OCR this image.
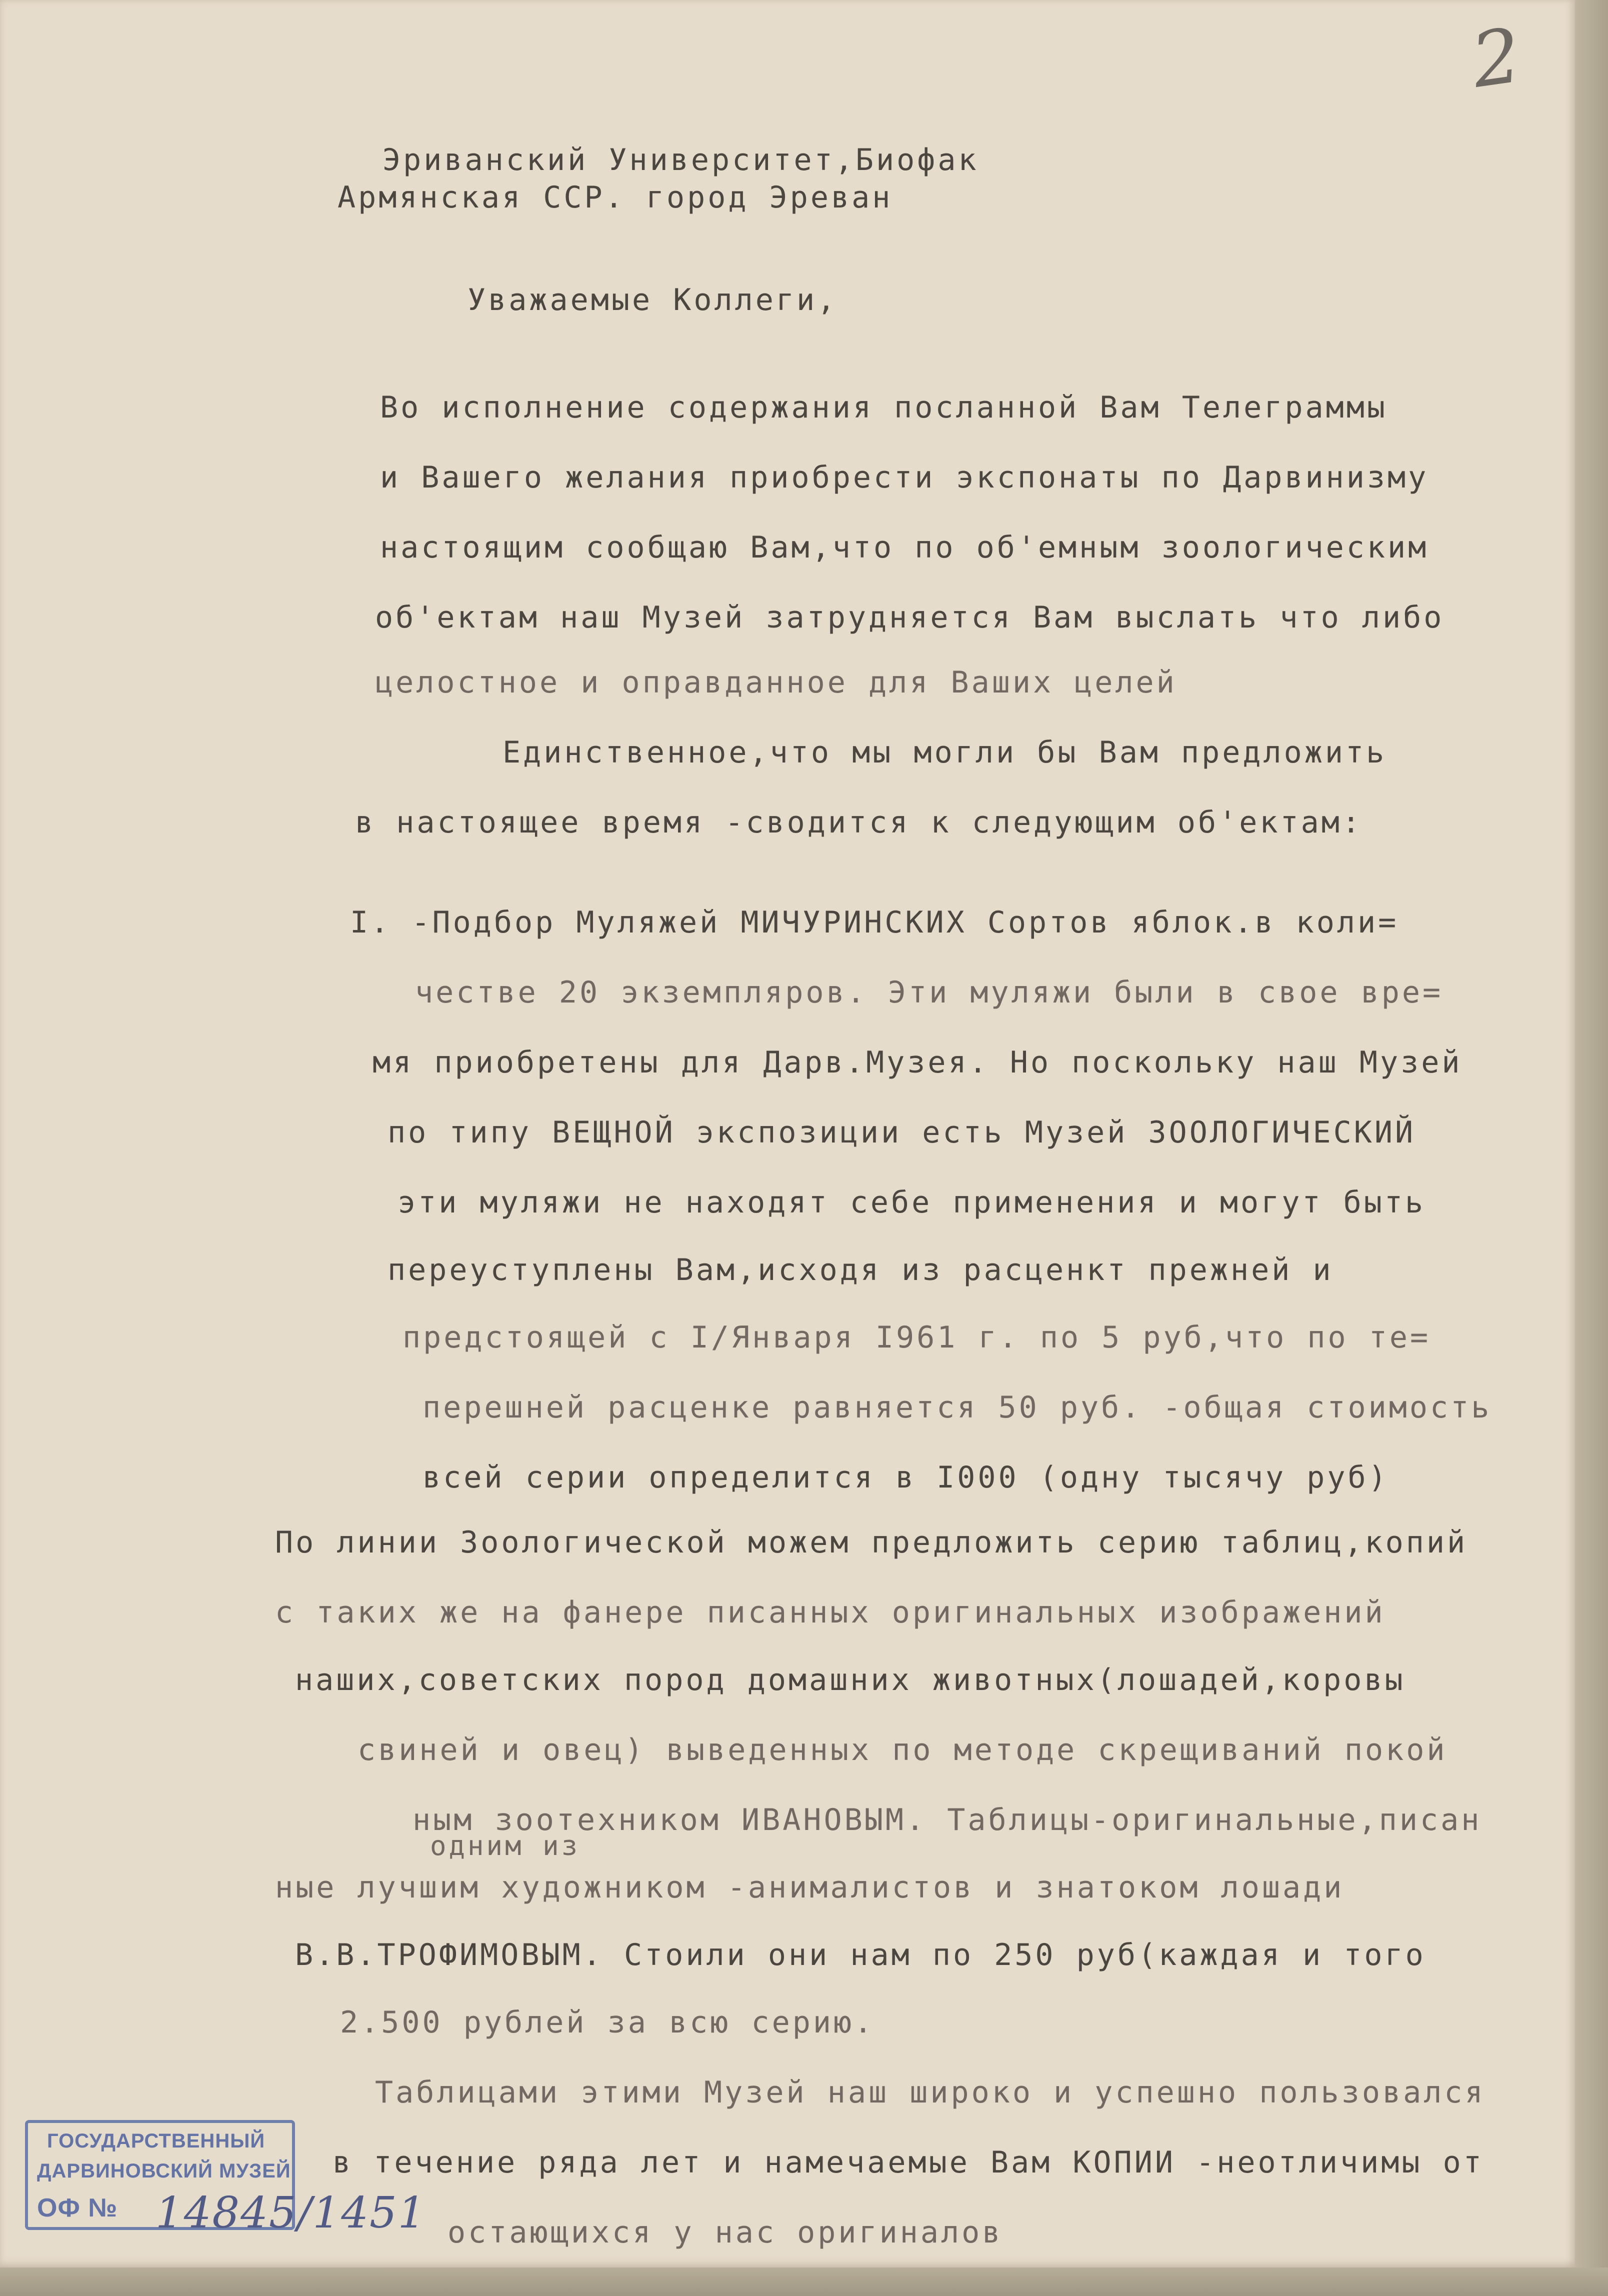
2
Эриванский Университет,Биофак
Армянская ССР. город Эреван
Уважаемые Коллеги,
Во исполнение содержания посланной Вам Телеграммы
и Вашего желания приобрести экспонаты по Дарвинизму
настоящим сообщаю Вам,что по об'емным зоологическим
об'ектам наш Музей затрудняется Вам выслать что либо
целостное и оправданное для Ваших целей
Единственное,что мы могли бы Вам предложить
в настоящее время -сводится к следующим об'ектам:
I. -Подбор Муляжей МИЧУРИНСКИХ Сортов яблок.в коли=
честве 20 экземпляров. Эти муляжи были в свое вре=
мя приобретены для Дарв.Музея. Но поскольку наш Музей
по типу ВЕЩНОЙ экспозиции есть Музей ЗООЛОГИЧЕСКИЙ
эти муляжи не находят себе применения и могут быть
переуступлены Вам,исходя из расценкт прежней и
предстоящей с I/Января I961 г. по 5 руб,что по те=
перешней расценке равняется 50 руб. -общая стоимость
всей серии определится в I000 (одну тысячу руб)
По линии Зоологической можем предложить серию таблиц,копий
с таких же на фанере писанных оригинальных изображений
наших,советских пород домашних животных(лошадей,коровы
свиней и овец) выведенных по методе скрещиваний покой
ным зоотехником ИВАНОВЫМ. Таблицы-оригинальные,писан
одним из
ные лучшим художником -анималистов и знатоком лошади
В.В.ТРОФИМОВЫМ. Стоили они нам по 250 руб(каждая и того
2.500 рублей за всю серию.
Таблицами этими Музей наш широко и успешно пользовался
в течение ряда лет и намечаемые Вам КОПИИ -неотличимы от
остающихся у нас оригиналов
ГОСУДАРСТВЕННЫЙ
ДАРВИНОВСКИЙ МУЗЕЙ
ОФ № 14845/1451
